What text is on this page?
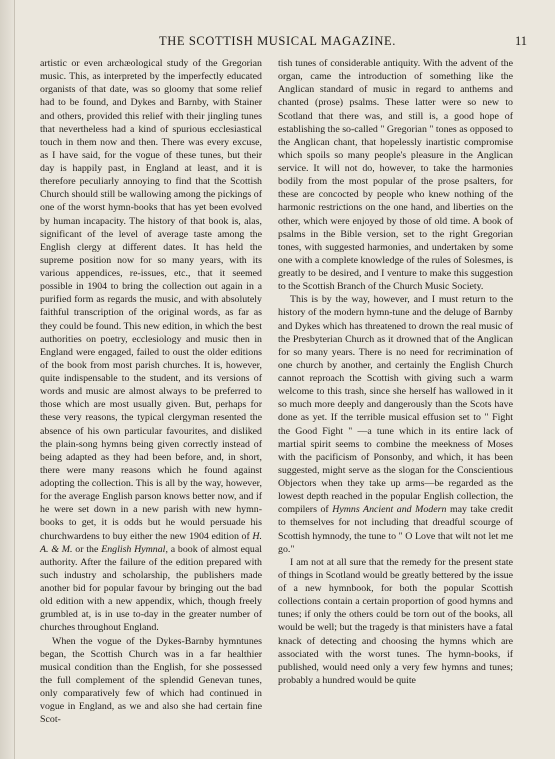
THE SCOTTISH MUSICAL MAGAZINE.	11

artistic or even archæological study of the Gregorian music. This, as interpreted by the imperfectly educated organists of that date, was so gloomy that some relief had to be found, and Dykes and Barnby, with Stainer and others, provided this relief with their jingling tunes that nevertheless had a kind of spurious ecclesiastical touch in them now and then. There was every excuse, as I have said, for the vogue of these tunes, but their day is happily past, in England at least, and it is therefore peculiarly annoying to find that the Scottish Church should still be wallowing among the pickings of one of the worst hymn-books that has yet been evolved by human incapacity. The history of that book is, alas, significant of the level of average taste among the English clergy at different dates. It has held the supreme position now for so many years, with its various appendices, re-issues, etc., that it seemed possible in 1904 to bring the collection out again in a purified form as regards the music, and with absolutely faithful transcription of the original words, as far as they could be found. This new edition, in which the best authorities on poetry, ecclesiology and music then in England were engaged, failed to oust the older editions of the book from most parish churches. It is, however, quite indispensable to the student, and its versions of words and music are almost always to be preferred to those which are most usually given. But, perhaps for these very reasons, the typical clergyman resented the absence of his own particular favourites, and disliked the plain-song hymns being given correctly instead of being adapted as they had been before, and, in short, there were many reasons which he found against adopting the collection. This is all by the way, however, for the average English parson knows better now, and if he were set down in a new parish with new hymn-books to get, it is odds but he would persuade his churchwardens to buy either the new 1904 edition of H. A. & M. or the English Hymnal, a book of almost equal authority. After the failure of the edition prepared with such industry and scholarship, the publishers made another bid for popular favour by bringing out the bad old edition with a new appendix, which, though freely grumbled at, is in use to-day in the greater number of churches throughout England.

When the vogue of the Dykes-Barnby hymntunes began, the Scottish Church was in a far healthier musical condition than the English, for she possessed the full complement of the splendid Genevan tunes, only comparatively few of which had continued in vogue in England, as we and also she had certain fine Scot-

tish tunes of considerable antiquity. With the advent of the organ, came the introduction of something like the Anglican standard of music in regard to anthems and chanted (prose) psalms. These latter were so new to Scotland that there was, and still is, a good hope of establishing the so-called " Gregorian " tones as opposed to the Anglican chant, that hopelessly inartistic compromise which spoils so many people's pleasure in the Anglican service. It will not do, however, to take the harmonies bodily from the most popular of the prose psalters, for these are concocted by people who knew nothing of the harmonic restrictions on the one hand, and liberties on the other, which were enjoyed by those of old time. A book of psalms in the Bible version, set to the right Gregorian tones, with suggested harmonies, and undertaken by some one with a complete knowledge of the rules of Solesmes, is greatly to be desired, and I venture to make this suggestion to the Scottish Branch of the Church Music Society.

This is by the way, however, and I must return to the history of the modern hymn-tune and the deluge of Barnby and Dykes which has threatened to drown the real music of the Presbyterian Church as it drowned that of the Anglican for so many years. There is no need for recrimination of one church by another, and certainly the English Church cannot reproach the Scottish with giving such a warm welcome to this trash, since she herself has wallowed in it so much more deeply and dangerously than the Scots have done as yet. If the terrible musical effusion set to " Fight the Good Fight " —a tune which in its entire lack of martial spirit seems to combine the meekness of Moses with the pacificism of Ponsonby, and which, it has been suggested, might serve as the slogan for the Conscientious Objectors when they take up arms—be regarded as the lowest depth reached in the popular English collection, the compilers of Hymns Ancient and Modern may take credit to themselves for not including that dreadful scourge of Scottish hymnody, the tune to " O Love that wilt not let me go."

I am not at all sure that the remedy for the present state of things in Scotland would be greatly bettered by the issue of a new hymnbook, for both the popular Scottish collections contain a certain proportion of good hymns and tunes; if only the others could be torn out of the books, all would be well; but the tragedy is that ministers have a fatal knack of detecting and choosing the hymns which are associated with the worst tunes. The hymn-books, if published, would need only a very few hymns and tunes; probably a hundred would be quite
